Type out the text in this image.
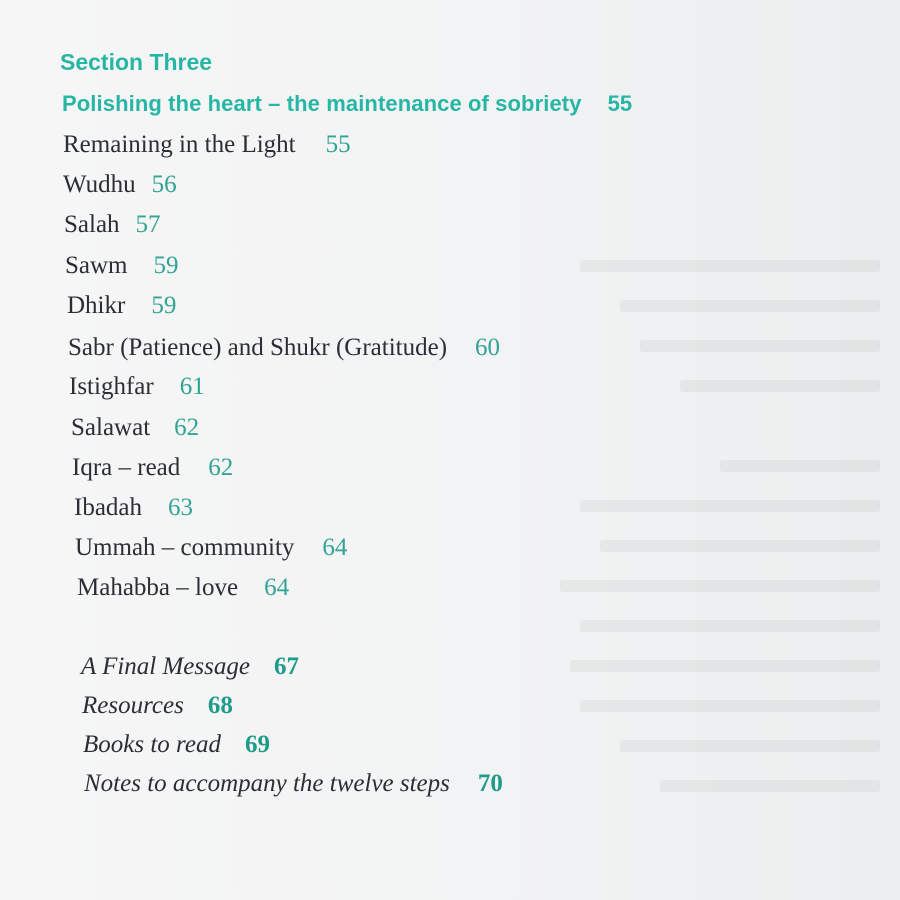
Section Three
Polishing the heart – the maintenance of sobriety 55
Remaining in the Light 55
Wudhu 56
Salah 57
Sawm 59
Dhikr 59
Sabr (Patience) and Shukr (Gratitude) 60
Istighfar 61
Salawat 62
Iqra – read 62
Ibadah 63
Ummah – community 64
Mahabba – love 64
A Final Message 67
Resources 68
Books to read 69
Notes to accompany the twelve steps 70
